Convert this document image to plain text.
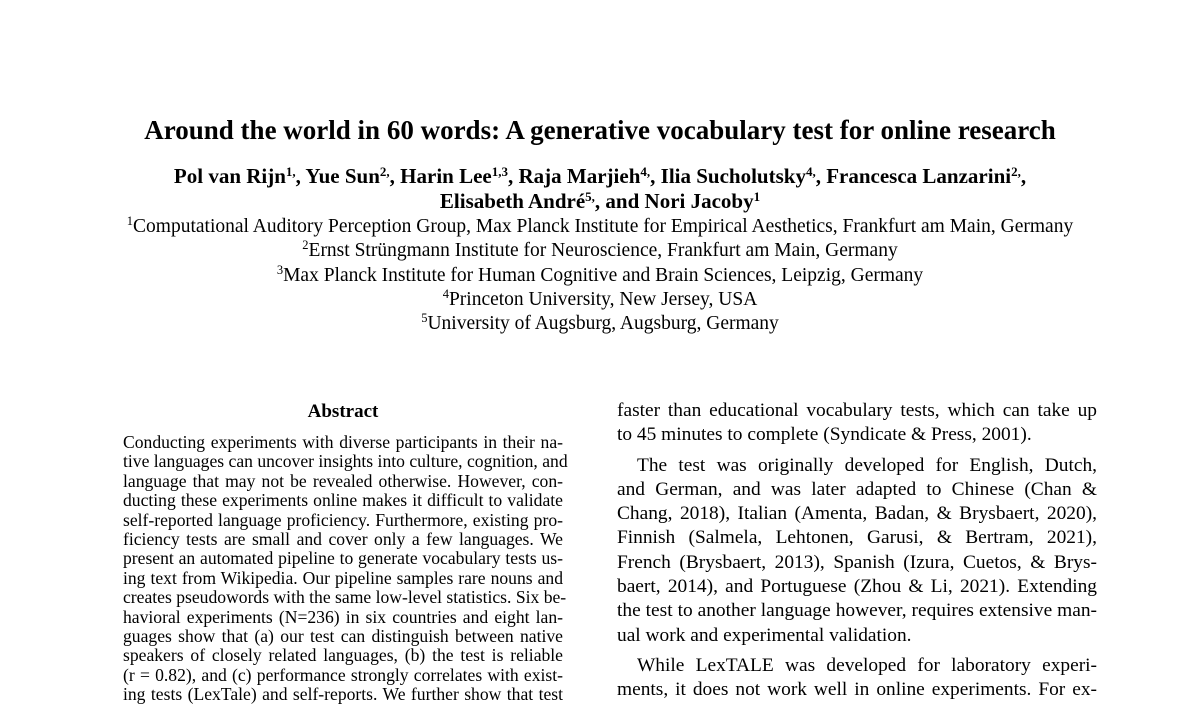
Around the world in 60 words: A generative vocabulary test for online research
Pol van Rijn$^{1,}$, Yue Sun$^{2,}$, Harin Lee$^{1,3}$, Raja Marjieh$^{4,}$, Ilia Sucholutsky$^{4,}$, Francesca Lanzarini$^{2,}$,
Elisabeth André$^{5,}$, and Nori Jacoby$^1$
$^1$Computational Auditory Perception Group, Max Planck Institute for Empirical Aesthetics, Frankfurt am Main, Germany
$^2$Ernst Strüngmann Institute for Neuroscience, Frankfurt am Main, Germany
$^3$Max Planck Institute for Human Cognitive and Brain Sciences, Leipzig, Germany
$^4$Princeton University, New Jersey, USA
$^5$University of Augsburg, Augsburg, Germany
Abstract
Conducting experiments with diverse participants in their na-
tive languages can uncover insights into culture, cognition, and
language that may not be revealed otherwise. However, con-
ducting these experiments online makes it difficult to validate
self-reported language proficiency. Furthermore, existing pro-
ficiency tests are small and cover only a few languages. We
present an automated pipeline to generate vocabulary tests us-
ing text from Wikipedia. Our pipeline samples rare nouns and
creates pseudowords with the same low-level statistics. Six be-
havioral experiments (N=236) in six countries and eight lan-
guages show that (a) our test can distinguish between native
speakers of closely related languages, (b) the test is reliable
(r = 0.82), and (c) performance strongly correlates with exist-
ing tests (LexTale) and self-reports. We further show that test
faster than educational vocabulary tests, which can take up
to 45 minutes to complete (Syndicate & Press, 2001).
The test was originally developed for English, Dutch,
and German, and was later adapted to Chinese (Chan &
Chang, 2018), Italian (Amenta, Badan, & Brysbaert, 2020),
Finnish (Salmela, Lehtonen, Garusi, & Bertram, 2021),
French (Brysbaert, 2013), Spanish (Izura, Cuetos, & Brys-
baert, 2014), and Portuguese (Zhou & Li, 2021). Extending
the test to another language however, requires extensive man-
ual work and experimental validation.
While LexTALE was developed for laboratory experi-
ments, it does not work well in online experiments. For ex-
